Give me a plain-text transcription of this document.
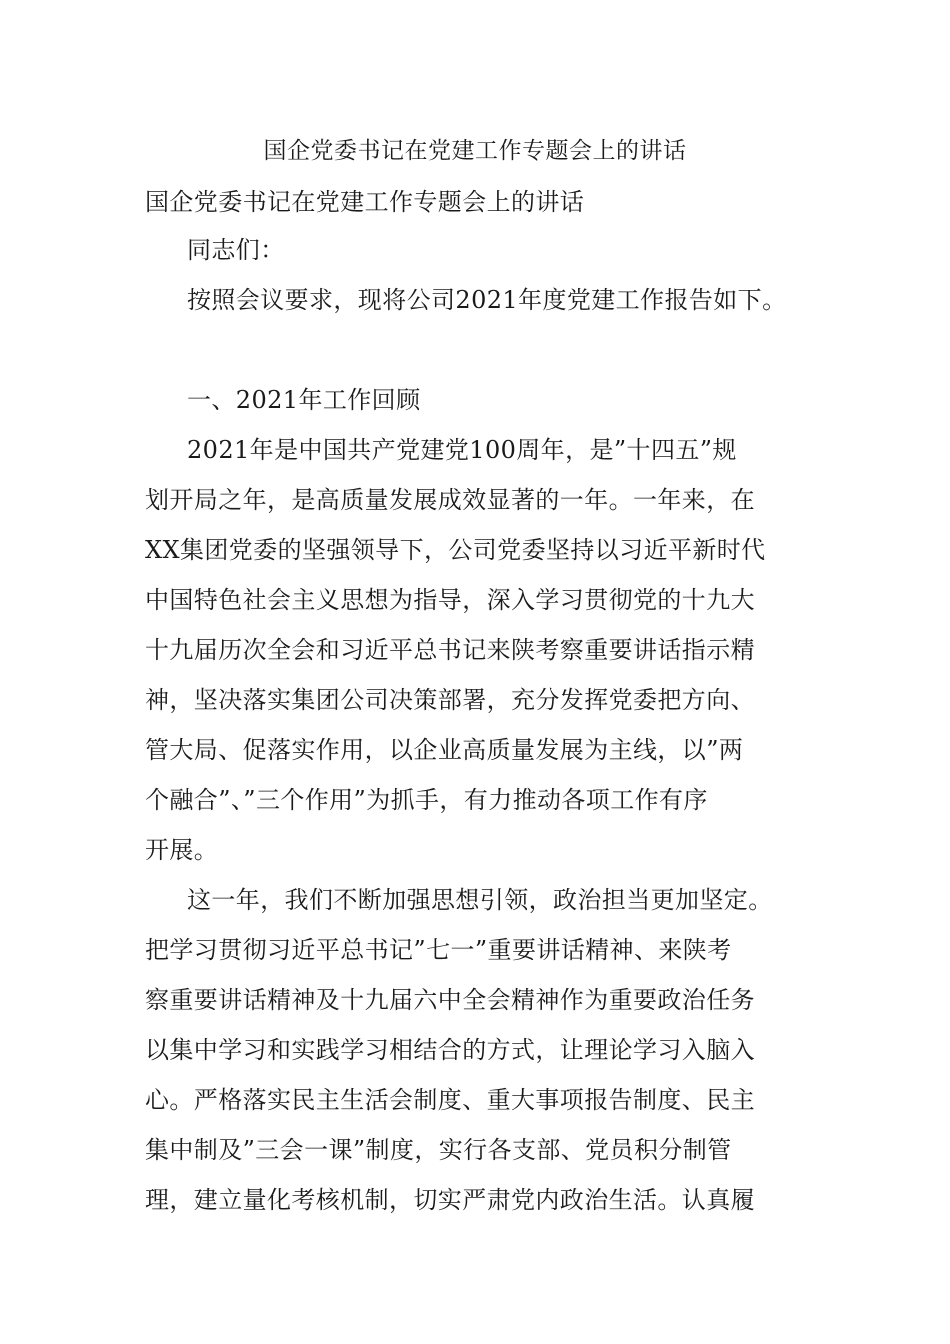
国企党委书记在党建工作专题会上的讲话
国企党委书记在党建工作专题会上的讲话
同志们：
按照会议要求，现将公司2021年度党建工作报告如下。
一、2021年工作回顾
2021年是中国共产党建党100周年，是”十四五”规
划开局之年，是高质量发展成效显著的一年。一年来，在
XX集团党委的坚强领导下，公司党委坚持以习近平新时代
中国特色社会主义思想为指导，深入学习贯彻党的十九大
十九届历次全会和习近平总书记来陕考察重要讲话指示精
神，坚决落实集团公司决策部署，充分发挥党委把方向、
管大局、促落实作用，以企业高质量发展为主线，以”两
个融合”、”三个作用”为抓手，有力推动各项工作有序
开展。
这一年，我们不断加强思想引领，政治担当更加坚定。
把学习贯彻习近平总书记”七一”重要讲话精神、来陕考
察重要讲话精神及十九届六中全会精神作为重要政治任务
以集中学习和实践学习相结合的方式，让理论学习入脑入
心。严格落实民主生活会制度、重大事项报告制度、民主
集中制及”三会一课”制度，实行各支部、党员积分制管
理，建立量化考核机制，切实严肃党内政治生活。认真履
